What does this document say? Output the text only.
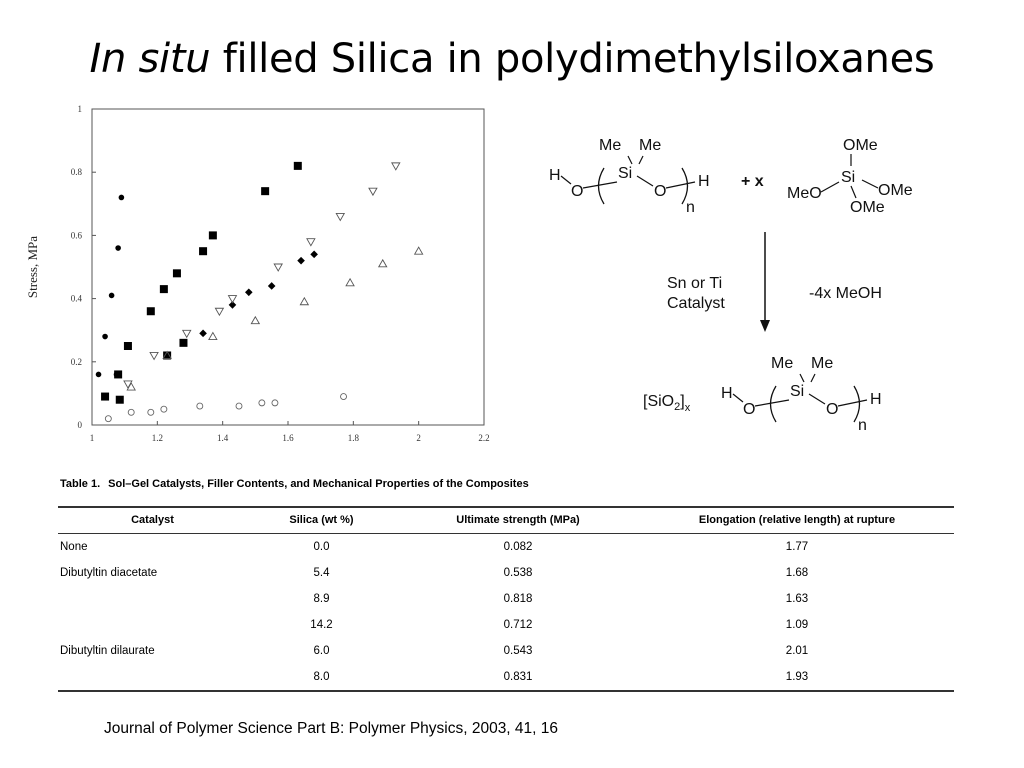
In situ filled Silica in polydimethylsiloxanes
1	1.2	1.4	1.6	1.8	2	2.2
0
0.2
0.4
0.6
0.8
1
Stress, MPa
H
O
Si
Me Me
O
n
H + x
OMe
Si
MeO	OMe
OMe
Sn or Ti
Catalyst
-4x MeOH
$[SiO_2]_x$
H
O
Si
Me Me
O
n
H
Table 1. Sol–Gel Catalysts, Filler Contents, and Mechanical Properties of the Composites
Catalyst	Silica (wt %)	Ultimate strength (MPa)	Elongation (relative length) at rupture
None	0.0	0.082	1.77
Dibutyltin diacetate	5.4	0.538	1.68
	8.9	0.818	1.63
	14.2	0.712	1.09
Dibutyltin dilaurate	6.0	0.543	2.01
	8.0	0.831	1.93
Journal of Polymer Science Part B: Polymer Physics, 2003, 41, 16
